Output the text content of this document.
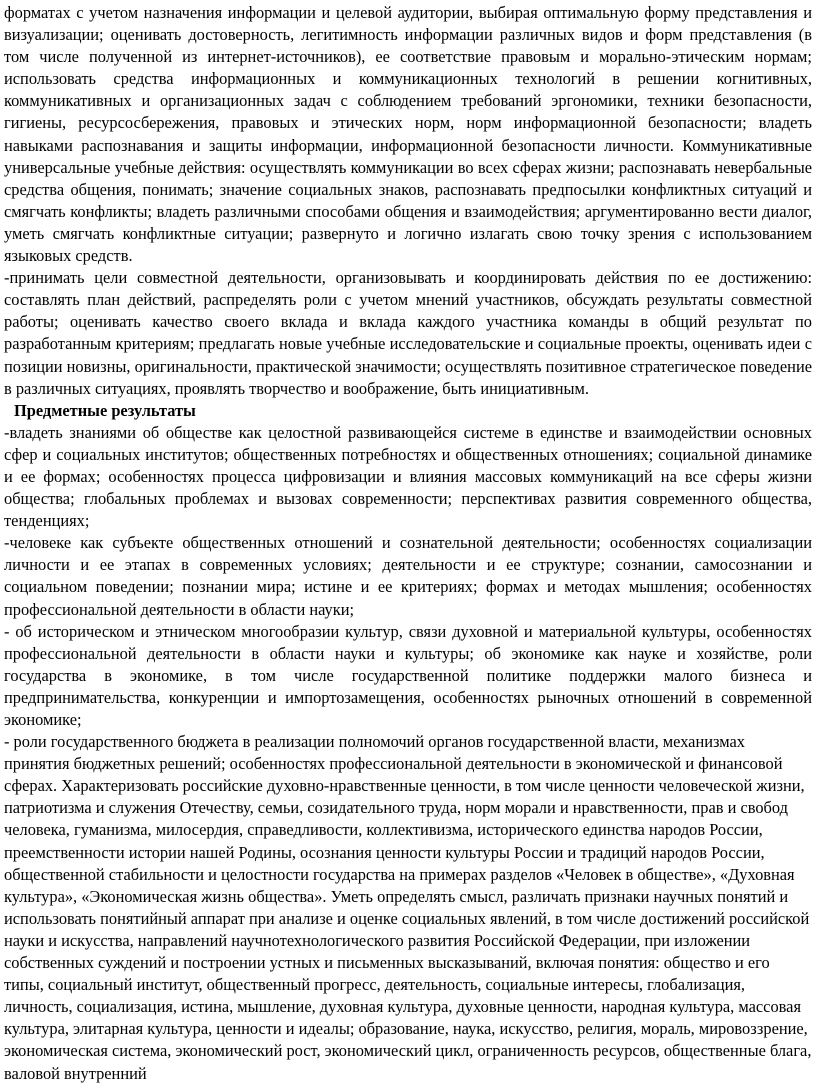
форматах с учетом назначения информации и целевой аудитории, выбирая оптимальную форму представления и визуализации; оценивать достоверность, легитимность информации различных видов и форм представления (в том числе полученной из интернет-источников), ее соответствие правовым и морально-этическим нормам; использовать средства информационных и коммуникационных технологий в решении когнитивных, коммуникативных и организационных задач с соблюдением требований эргономики, техники безопасности, гигиены, ресурсосбережения, правовых и этических норм, норм информационной безопасности; владеть навыками распознавания и защиты информации, информационной безопасности личности. Коммуникативные универсальные учебные действия: осуществлять коммуникации во всех сферах жизни; распознавать невербальные средства общения, понимать; значение социальных знаков, распознавать предпосылки конфликтных ситуаций и смягчать конфликты; владеть различными способами общения и взаимодействия; аргументированно вести диалог, уметь смягчать конфликтные ситуации; развернуто и логично излагать свою точку зрения с использованием языковых средств.

-принимать цели совместной деятельности, организовывать и координировать действия по ее достижению: составлять план действий, распределять роли с учетом мнений участников, обсуждать результаты совместной работы; оценивать качество своего вклада и вклада каждого участника команды в общий результат по разработанным критериям; предлагать новые учебные исследовательские и социальные проекты, оценивать идеи с позиции новизны, оригинальности, практической значимости; осуществлять позитивное стратегическое поведение в различных ситуациях, проявлять творчество и воображение, быть инициативным.

Предметные результаты

-владеть знаниями об обществе как целостной развивающейся системе в единстве и взаимодействии основных сфер и социальных институтов; общественных потребностях и общественных отношениях; социальной динамике и ее формах; особенностях процесса цифровизации и влияния массовых коммуникаций на все сферы жизни общества; глобальных проблемах и вызовах современности; перспективах развития современного общества, тенденциях;

-человеке как субъекте общественных отношений и сознательной деятельности; особенностях социализации личности и ее этапах в современных условиях; деятельности и ее структуре; сознании, самосознании и социальном поведении; познании мира; истине и ее критериях; формах и методах мышления; особенностях профессиональной деятельности в области науки;

- об историческом и этническом многообразии культур, связи духовной и материальной культуры, особенностях профессиональной деятельности в области науки и культуры; об экономике как науке и хозяйстве, роли государства в экономике, в том числе государственной политике поддержки малого бизнеса и предпринимательства, конкуренции и импортозамещения, особенностях рыночных отношений в современной экономике;

- роли государственного бюджета в реализации полномочий органов государственной власти, механизмах принятия бюджетных решений; особенностях профессиональной деятельности в экономической и финансовой сферах. Характеризовать российские духовно-нравственные ценности, в том числе ценности человеческой жизни, патриотизма и служения Отечеству, семьи, созидательного труда, норм морали и нравственности, прав и свобод человека, гуманизма, милосердия, справедливости, коллективизма, исторического единства народов России, преемственности истории нашей Родины, осознания ценности культуры России и традиций народов России, общественной стабильности и целостности государства на примерах разделов «Человек в обществе», «Духовная культура», «Экономическая жизнь общества». Уметь определять смысл, различать признаки научных понятий и использовать понятийный аппарат при анализе и оценке социальных явлений, в том числе достижений российской науки и искусства, направлений научнотехнологического развития Российской Федерации, при изложении собственных суждений и построении устных и письменных высказываний, включая понятия: общество и его типы, социальный институт, общественный прогресс, деятельность, социальные интересы, глобализация, личность, социализация, истина, мышление, духовная культура, духовные ценности, народная культура, массовая культура, элитарная культура, ценности и идеалы; образование, наука, искусство, религия, мораль, мировоззрение, экономическая система, экономический рост, экономический цикл, ограниченность ресурсов, общественные блага, валовой внутренний
